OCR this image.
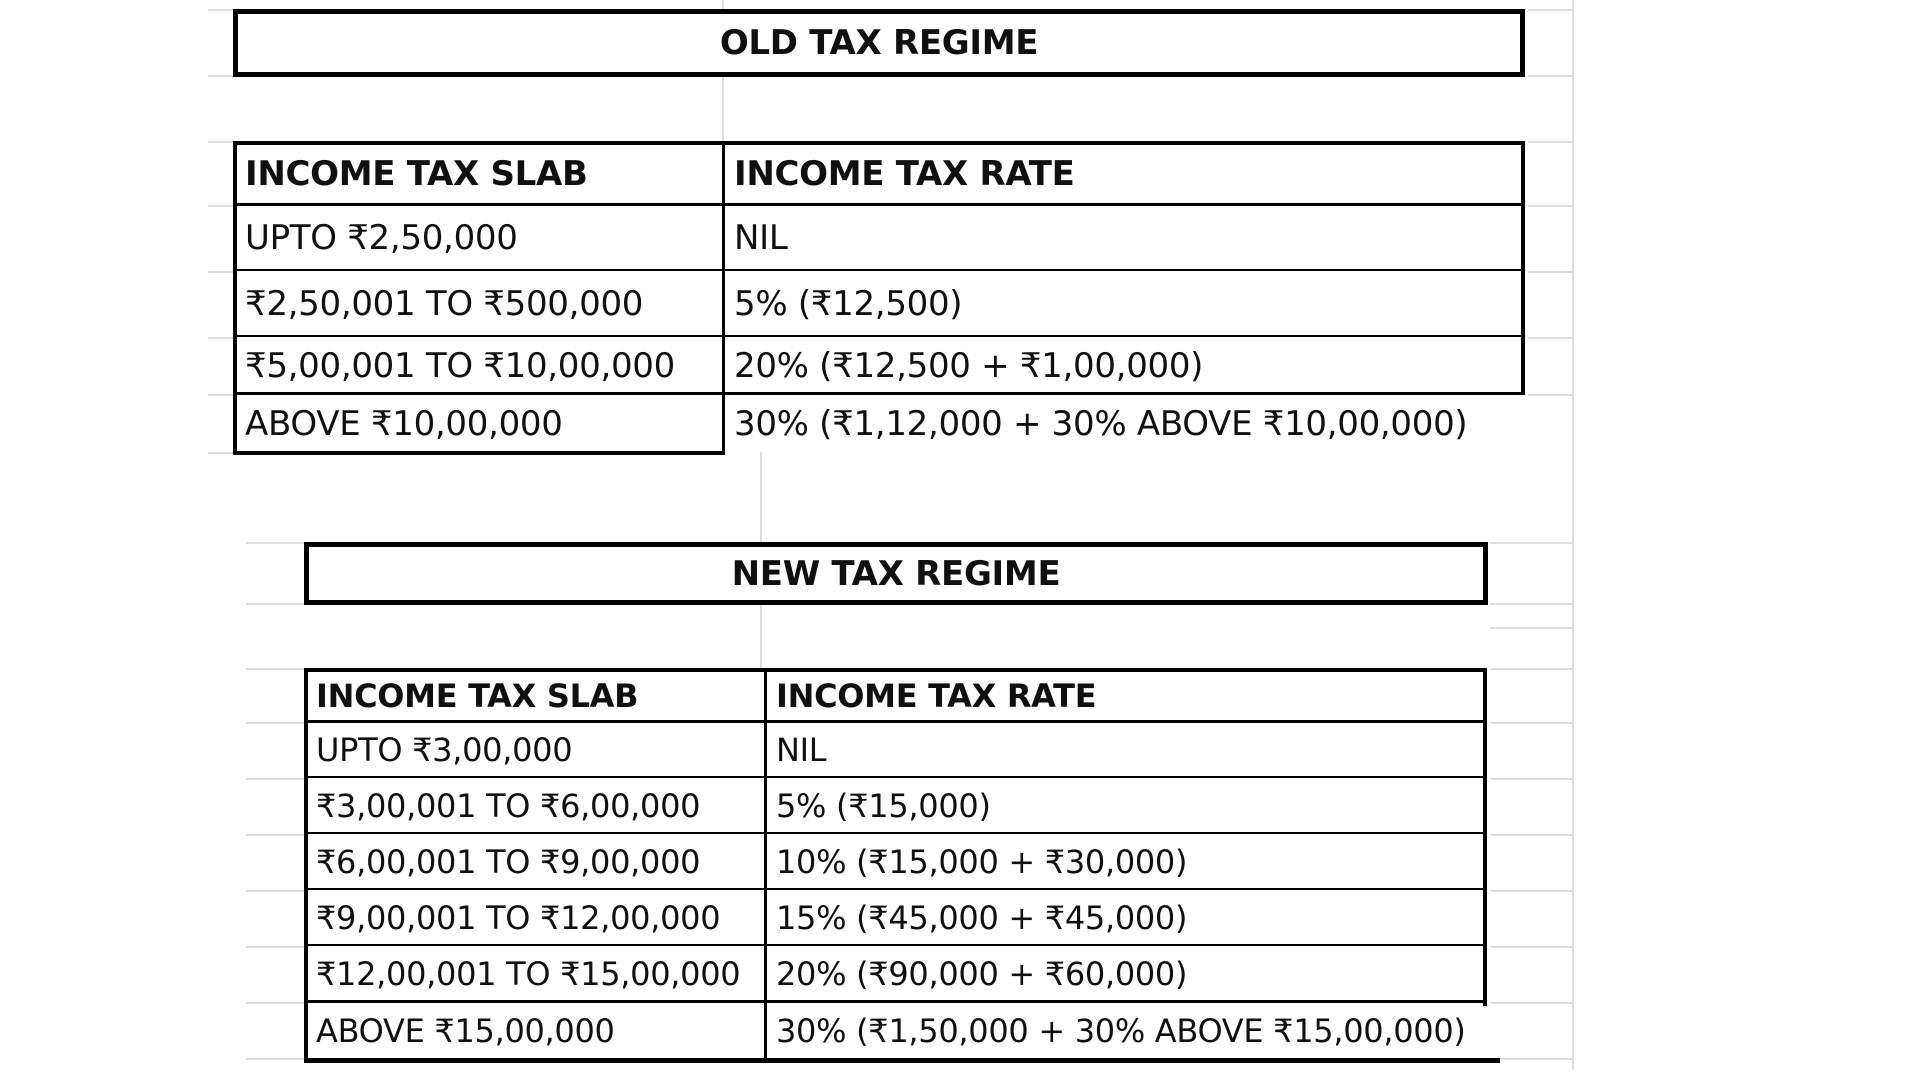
OLD TAX REGIME
INCOME TAX SLAB	INCOME TAX RATE
UPTO ₹2,50,000	NIL
₹2,50,001 TO ₹500,000	5% (₹12,500)
₹5,00,001 TO ₹10,00,000	20% (₹12,500 + ₹1,00,000)
ABOVE ₹10,00,000	30% (₹1,12,000 + 30% ABOVE ₹10,00,000)
NEW TAX REGIME
INCOME TAX SLAB	INCOME TAX RATE
UPTO ₹3,00,000	NIL
₹3,00,001 TO ₹6,00,000	5% (₹15,000)
₹6,00,001 TO ₹9,00,000	10% (₹15,000 + ₹30,000)
₹9,00,001 TO ₹12,00,000	15% (₹45,000 + ₹45,000)
₹12,00,001 TO ₹15,00,000	20% (₹90,000 + ₹60,000)
ABOVE ₹15,00,000	30% (₹1,50,000 + 30% ABOVE ₹15,00,000)
